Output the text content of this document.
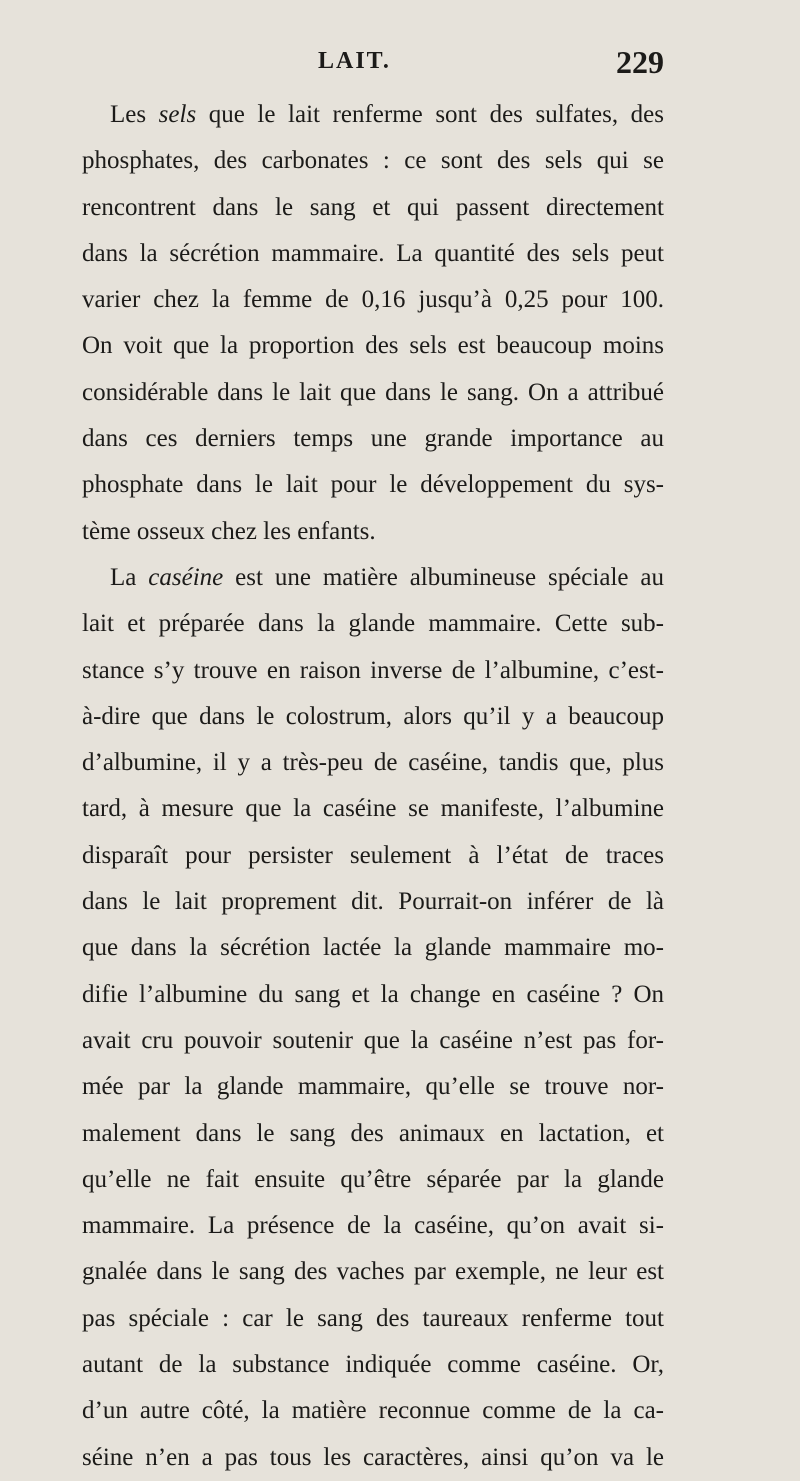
LAIT.	229

Les sels que le lait renferme sont des sulfates, des
phosphates, des carbonates : ce sont des sels qui se
rencontrent dans le sang et qui passent directement
dans la sécrétion mammaire. La quantité des sels peut
varier chez la femme de 0,16 jusqu’à 0,25 pour 100.
On voit que la proportion des sels est beaucoup moins
considérable dans le lait que dans le sang. On a attribué
dans ces derniers temps une grande importance au
phosphate dans le lait pour le développement du sys-
tème osseux chez les enfants.

La caséine est une matière albumineuse spéciale au
lait et préparée dans la glande mammaire. Cette sub-
stance s’y trouve en raison inverse de l’albumine, c’est-
à-dire que dans le colostrum, alors qu’il y a beaucoup
d’albumine, il y a très-peu de caséine, tandis que, plus
tard, à mesure que la caséine se manifeste, l’albumine
disparaît pour persister seulement à l’état de traces
dans le lait proprement dit. Pourrait-on inférer de là
que dans la sécrétion lactée la glande mammaire mo-
difie l’albumine du sang et la change en caséine ? On
avait cru pouvoir soutenir que la caséine n’est pas for-
mée par la glande mammaire, qu’elle se trouve nor-
malement dans le sang des animaux en lactation, et
qu’elle ne fait ensuite qu’être séparée par la glande
mammaire. La présence de la caséine, qu’on avait si-
gnalée dans le sang des vaches par exemple, ne leur est
pas spéciale : car le sang des taureaux renferme tout
autant de la substance indiquée comme caséine. Or,
d’un autre côté, la matière reconnue comme de la ca-
séine n’en a pas tous les caractères, ainsi qu’on va le
